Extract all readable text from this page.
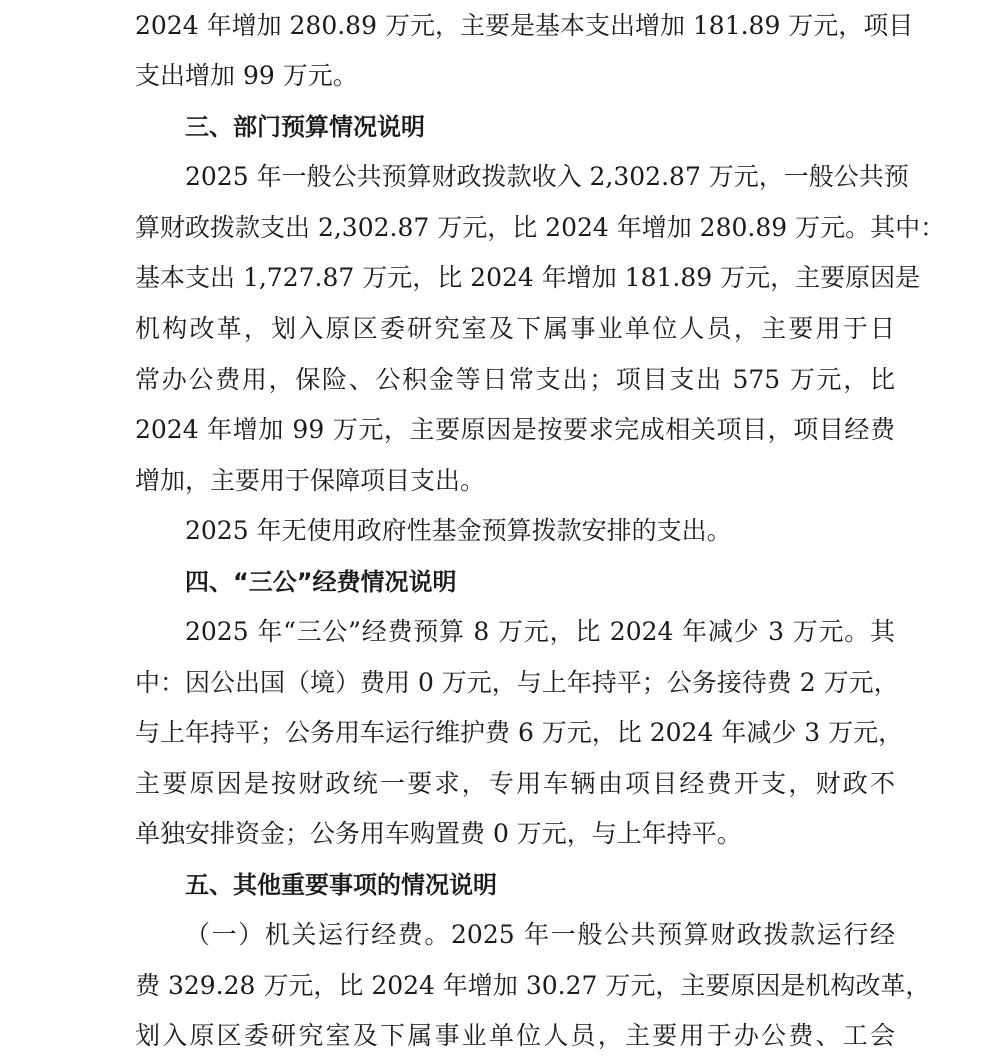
2024 年增加 280.89 万元，主要是基本支出增加 181.89 万元，项目
支出增加 99 万元。
三、部门预算情况说明
2025 年一般公共预算财政拨款收入 2,302.87 万元，一般公共预
算财政拨款支出 2,302.87 万元，比 2024 年增加 280.89 万元。其中：
基本支出 1,727.87 万元，比 2024 年增加 181.89 万元，主要原因是
机构改革，划入原区委研究室及下属事业单位人员，主要用于日
常办公费用，保险、公积金等日常支出；项目支出 575 万元，比
2024 年增加 99 万元，主要原因是按要求完成相关项目，项目经费
增加，主要用于保障项目支出。
2025 年无使用政府性基金预算拨款安排的支出。
四、“三公”经费情况说明
2025 年“三公”经费预算 8 万元，比 2024 年减少 3 万元。其
中：因公出国（境）费用 0 万元，与上年持平；公务接待费 2 万元，
与上年持平；公务用车运行维护费 6 万元，比 2024 年减少 3 万元，
主要原因是按财政统一要求，专用车辆由项目经费开支，财政不
单独安排资金；公务用车购置费 0 万元，与上年持平。
五、其他重要事项的情况说明
（一）机关运行经费。2025 年一般公共预算财政拨款运行经
费 329.28 万元，比 2024 年增加 30.27 万元，主要原因是机构改革，
划入原区委研究室及下属事业单位人员，主要用于办公费、工会
